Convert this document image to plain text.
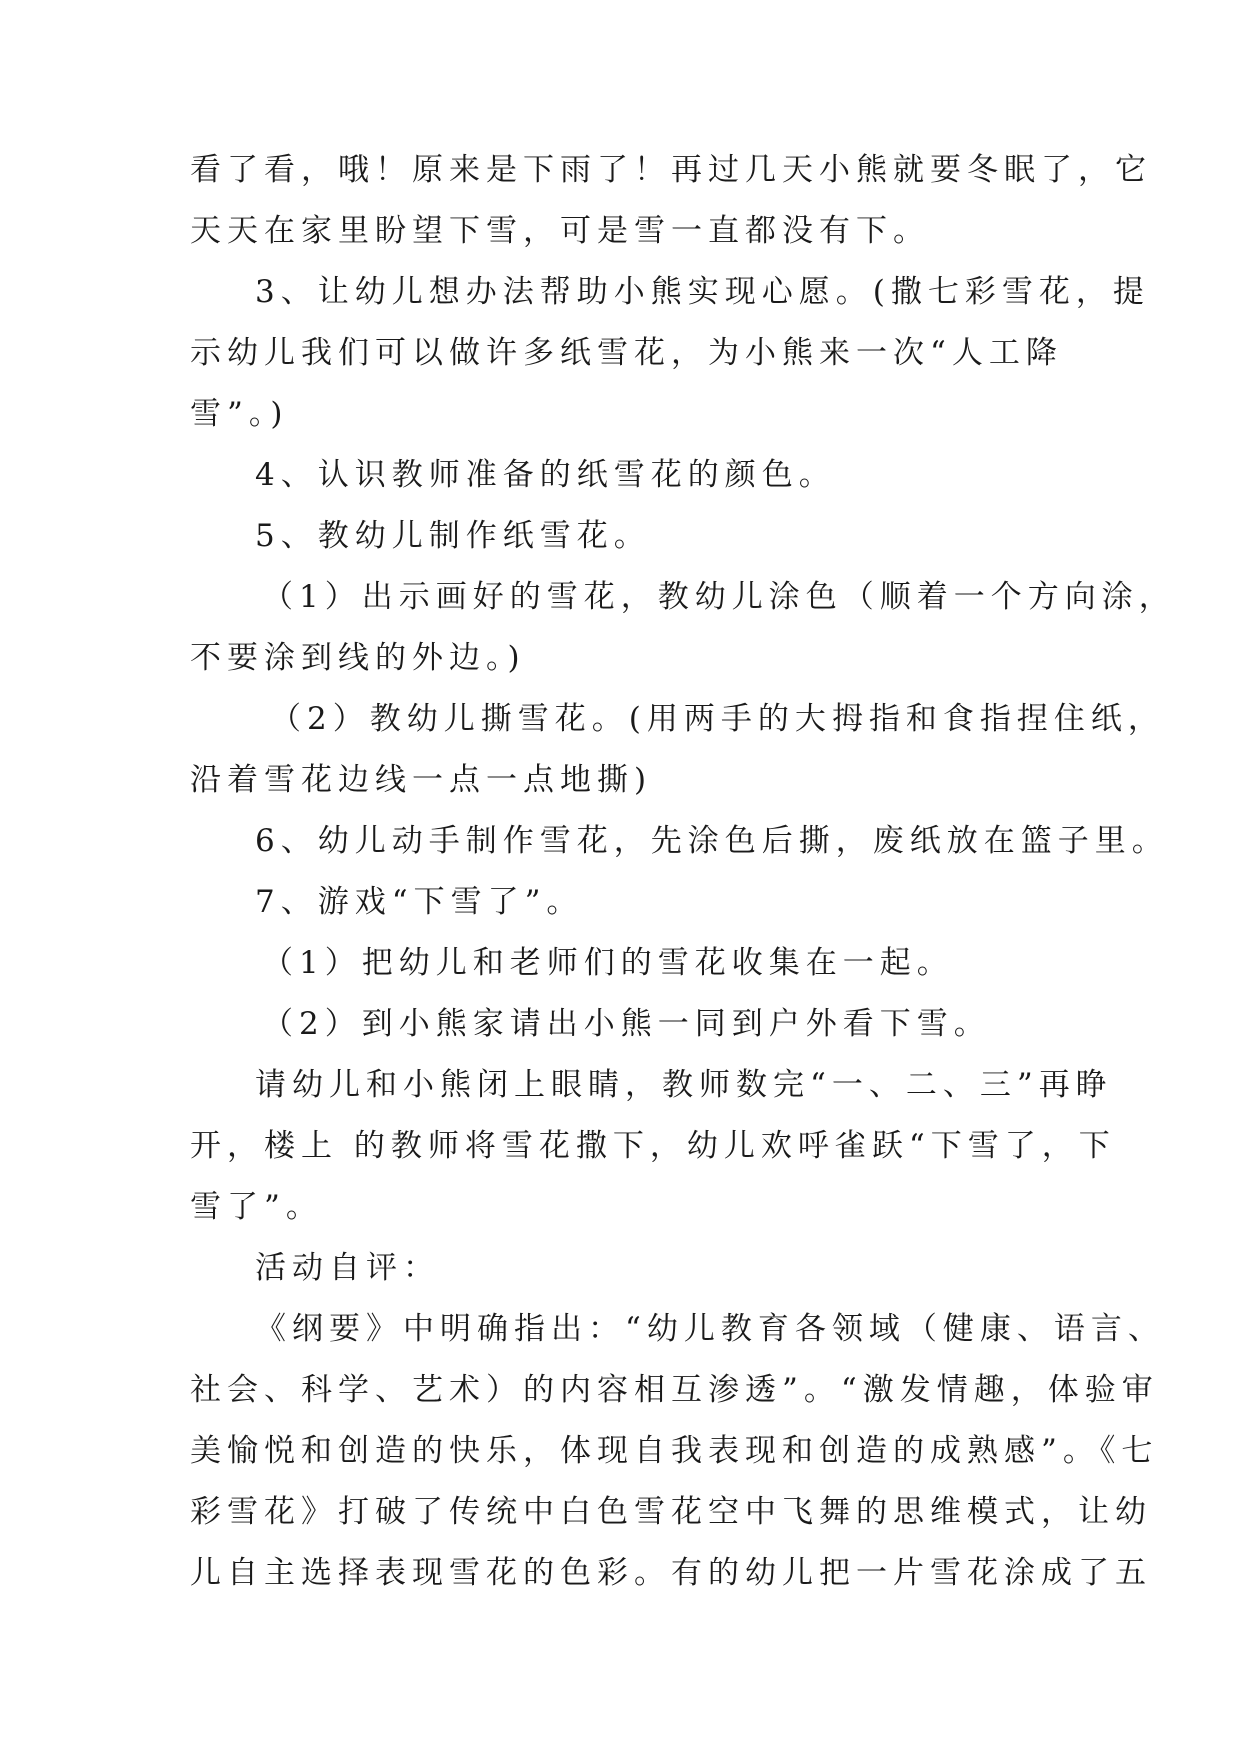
看了看，哦！原来是下雨了！再过几天小熊就要冬眠了，它
天天在家里盼望下雪，可是雪一直都没有下。
3、让幼儿想办法帮助小熊实现心愿。(撒七彩雪花，提
示幼儿我们可以做许多纸雪花，为小熊来一次“人工降
雪”。)
4、认识教师准备的纸雪花的颜色。
5、教幼儿制作纸雪花。
（1）出示画好的雪花，教幼儿涂色（顺着一个方向涂，
不要涂到线的外边。)
（2）教幼儿撕雪花。(用两手的大拇指和食指捏住纸，
沿着雪花边线一点一点地撕)
6、幼儿动手制作雪花，先涂色后撕，废纸放在篮子里。
7、游戏“下雪了”。
（1）把幼儿和老师们的雪花收集在一起。
（2）到小熊家请出小熊一同到户外看下雪。
请幼儿和小熊闭上眼睛，教师数完“一、二、三”再睁
开，楼上 的教师将雪花撒下，幼儿欢呼雀跃“下雪了，下
雪了”。
活动自评：
《纲要》中明确指出：“幼儿教育各领域（健康、语言、
社会、科学、艺术）的内容相互渗透”。“激发情趣，体验审
美愉悦和创造的快乐，体现自我表现和创造的成熟感”。《七
彩雪花》打破了传统中白色雪花空中飞舞的思维模式，让幼
儿自主选择表现雪花的色彩。有的幼儿把一片雪花涂成了五
